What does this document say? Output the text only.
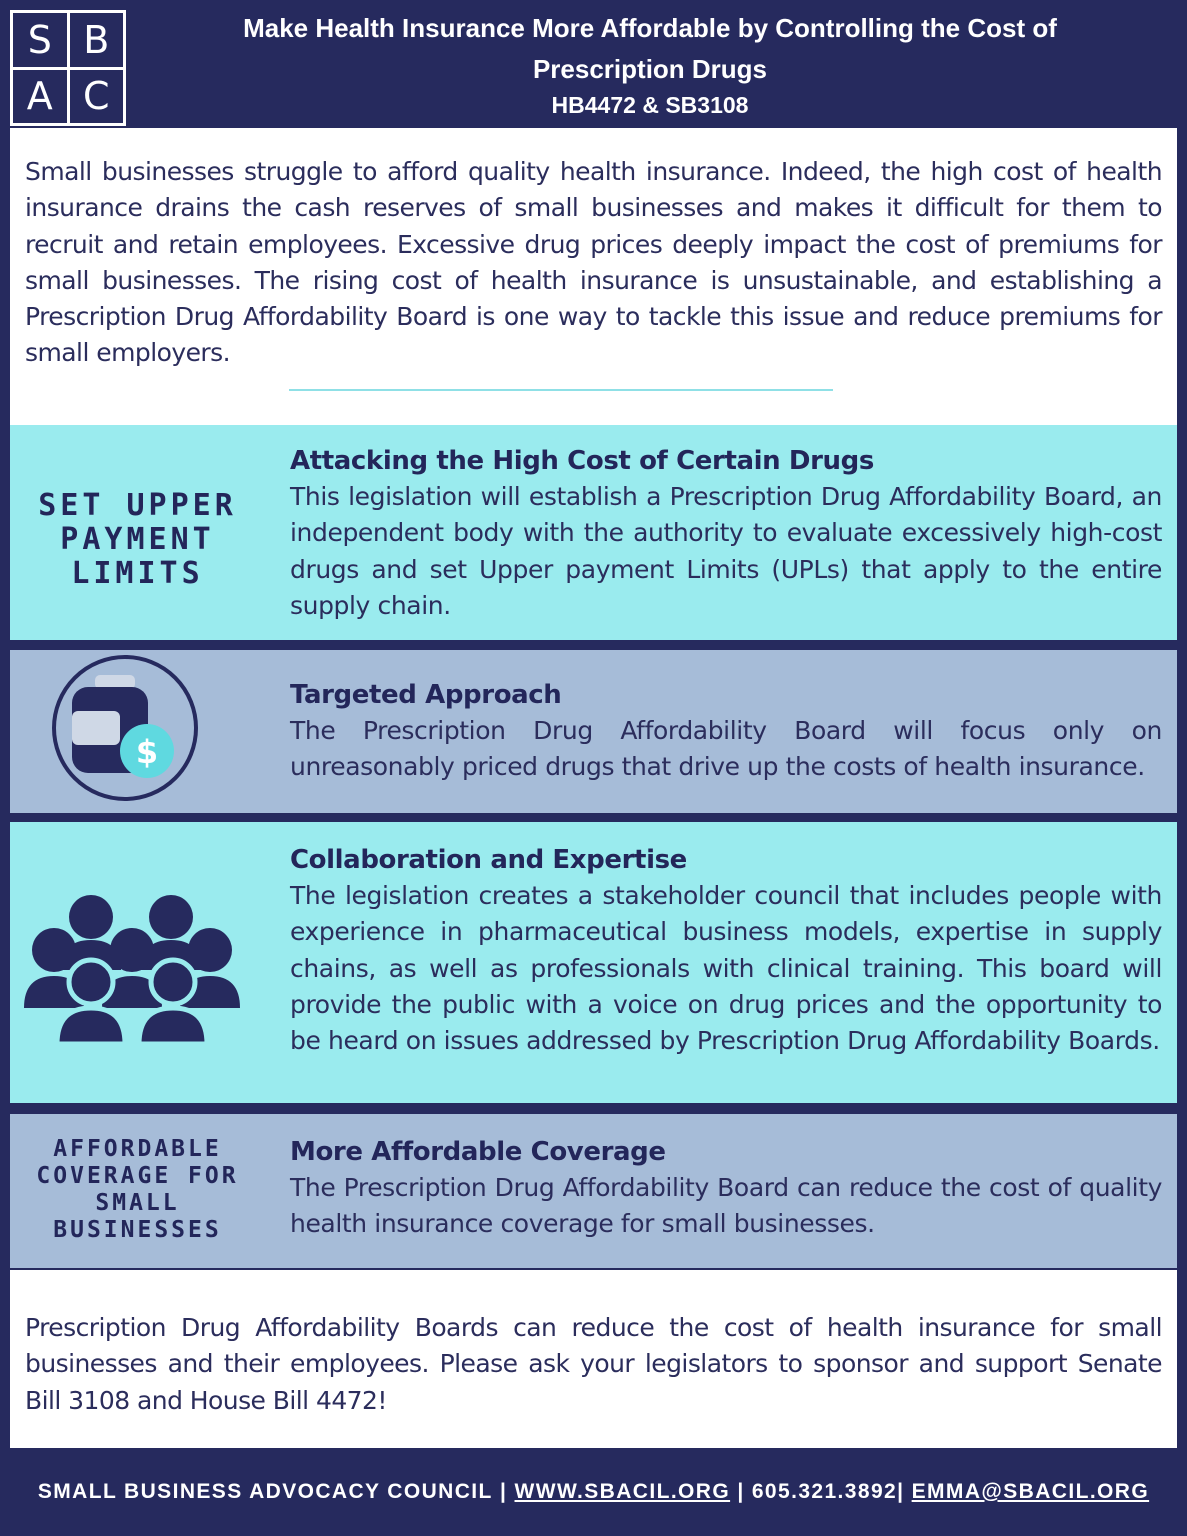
S B
A C
Make Health Insurance More Affordable by Controlling the Cost of
Prescription Drugs
HB4472 & SB3108

Small businesses struggle to afford quality health insurance. Indeed, the high cost of health insurance drains the cash reserves of small businesses and makes it difficult for them to recruit and retain employees. Excessive drug prices deeply impact the cost of premiums for small businesses. The rising cost of health insurance is unsustainable, and establishing a Prescription Drug Affordability Board is one way to tackle this issue and reduce premiums for small employers.

SET UPPER
PAYMENT
LIMITS
Attacking the High Cost of Certain Drugs

This legislation will establish a Prescription Drug Affordability Board, an independent body with the authority to evaluate excessively high-cost drugs and set Upper payment Limits (UPLs) that apply to the entire supply chain.

$
Targeted Approach

The Prescription Drug Affordability Board will focus only on unreasonably priced drugs that drive up the costs of health insurance.

Collaboration and Expertise

The legislation creates a stakeholder council that includes people with experience in pharmaceutical business models, expertise in supply chains, as well as professionals with clinical training. This board will provide the public with a voice on drug prices and the opportunity to be heard on issues addressed by Prescription Drug Affordability Boards.

AFFORDABLE
COVERAGE FOR
SMALL
BUSINESSES
More Affordable Coverage

The Prescription Drug Affordability Board can reduce the cost of quality health insurance coverage for small businesses.

Prescription Drug Affordability Boards can reduce the cost of health insurance for small businesses and their employees. Please ask your legislators to sponsor and support Senate Bill 3108 and House Bill 4472!

SMALL BUSINESS ADVOCACY COUNCIL | WWW.SBACIL.ORG | 605.321.3892 | EMMA@SBACIL.ORG
